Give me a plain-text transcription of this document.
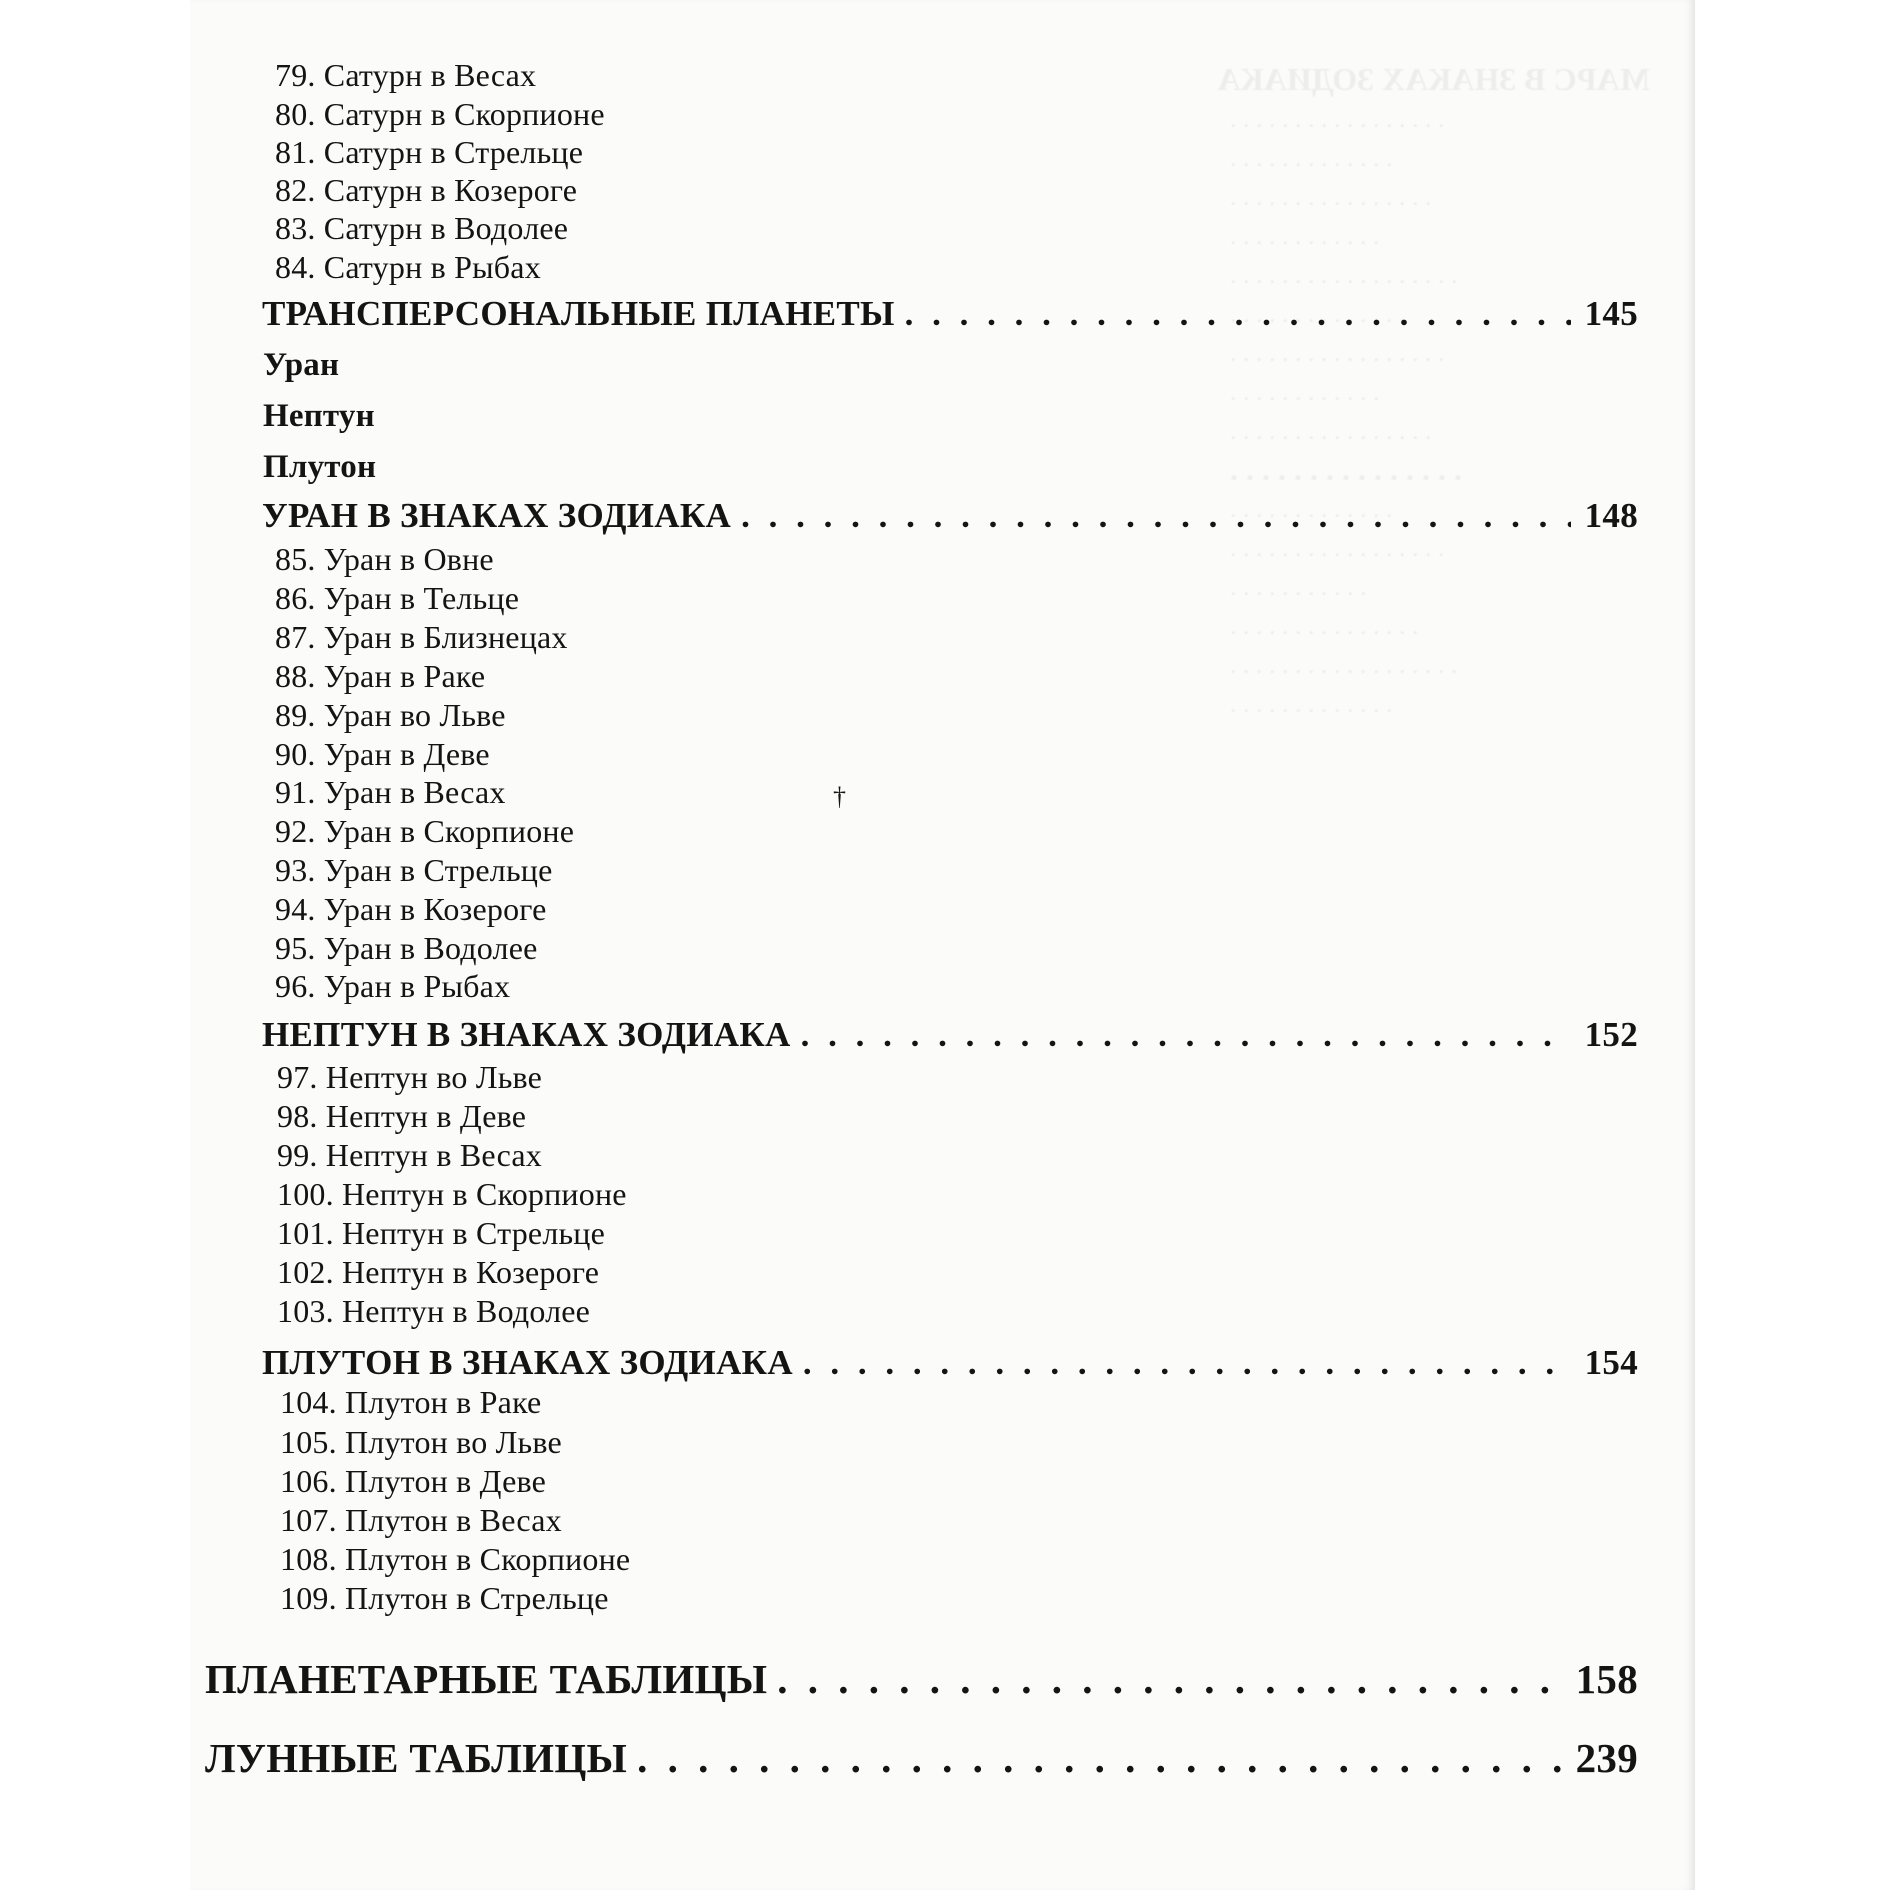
МАРС В ЗНАКАХ ЗОДИАКА
. . . . . . . . . . . . . . . . .
. . . . . . . . . . . . .
. . . . . . . . . . . . . . . .
. . . . . . . . . . . .
. . . . . . . . . . . . . . . . . .
. . . . . . . . . . . . . .
. . . . . . . . . . . . . . . . .
. . . . . . . . . . . .
. . . . . . . . . . . . . . . .
. . . . . . . . . . . . . . .
. . . . . . . . . . . . .
. . . . . . . . . . . . . . . . .
. . . . . . . . . . .
. . . . . . . . . . . . . . .
. . . . . . . . . . . . . . . . . .
. . . . . . . . . . . . .
79. Сатурн в Весах
80. Сатурн в Скорпионе
81. Сатурн в Стрельце
82. Сатурн в Козероге
83. Сатурн в Водолее
84. Сатурн в Рыбах
ТРАНСПЕРСОНАЛЬНЫЕ ПЛАНЕТЫ . . .	145
Уран
Нептун
Плутон
УРАН В ЗНАКАХ ЗОДИАКА . . .	148
85. Уран в Овне
86. Уран в Тельце
87. Уран в Близнецах
88. Уран в Раке
89. Уран во Льве
90. Уран в Деве
91. Уран в Весах
92. Уран в Скорпионе
93. Уран в Стрельце
94. Уран в Козероге
95. Уран в Водолее
96. Уран в Рыбах
НЕПТУН В ЗНАКАХ ЗОДИАКА . . .	152
97. Нептун во Льве
98. Нептун в Деве
99. Нептун в Весах
100. Нептун в Скорпионе
101. Нептун в Стрельце
102. Нептун в Козероге
103. Нептун в Водолее
ПЛУТОН В ЗНАКАХ ЗОДИАКА . . .	154
104. Плутон в Раке
105. Плутон во Льве
106. Плутон в Деве
107. Плутон в Весах
108. Плутон в Скорпионе
109. Плутон в Стрельце
ПЛАНЕТАРНЫЕ ТАБЛИЦЫ . . .	158
ЛУННЫЕ ТАБЛИЦЫ . . .	239
†
